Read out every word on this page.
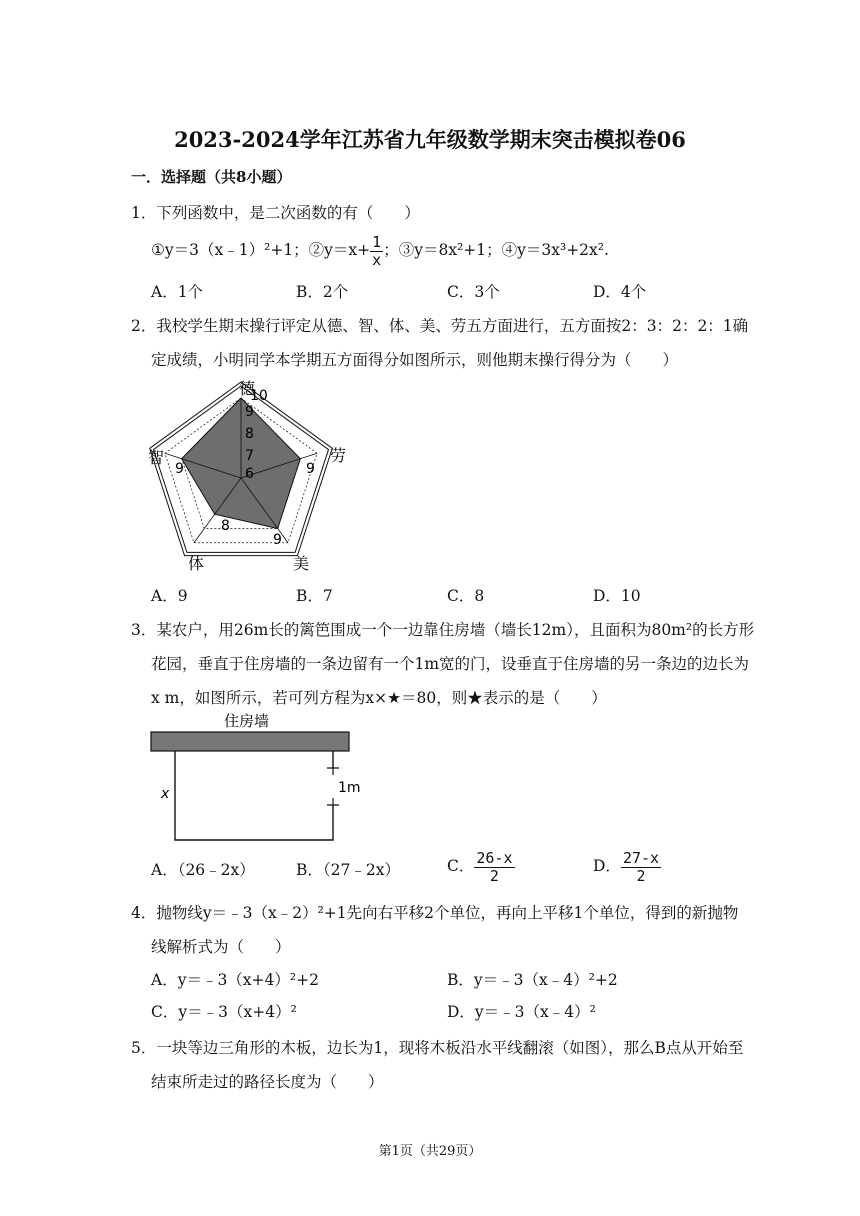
2023-2024学年江苏省九年级数学期末突击模拟卷06
一．选择题（共8小题）
1．下列函数中，是二次函数的有（　　）
①y＝3（x﹣1）²+1；②y＝x+ $\frac{1}{x}$ ；③y＝8x²+1；④y＝3x³+2x².
A．1个	B．2个	C．3个	D．4个
2．我校学生期末操行评定从德、智、体、美、劳五方面进行，五方面按2：3：2：2：1确
定成绩，小明同学本学期五方面得分如图所示，则他期末操行得分为（　　）
德
智	劳
体	美
10
9
8
7
6
9	9
8
9
A．9	B．7	C．8	D．10
3．某农户，用26m长的篱笆围成一个一边靠住房墙（墙长12m），且面积为80m²的长方形
花园，垂直于住房墙的一条边留有一个1m宽的门，设垂直于住房墙的另一条边的边长为
x m，如图所示，若可列方程为x×★＝80，则★表示的是（　　）
住房墙
x	1m
A．（26﹣2x）	B．（27﹣2x）	C． $\frac{26-x}{2}$	D． $\frac{27-x}{2}$
4．抛物线y＝﹣3（x﹣2）²+1先向右平移2个单位，再向上平移1个单位，得到的新抛物
线解析式为（　　）
A．y＝﹣3（x+4）²+2	B．y＝﹣3（x﹣4）²+2
C．y＝﹣3（x+4）²	D．y＝﹣3（x﹣4）²
5．一块等边三角形的木板，边长为1，现将木板沿水平线翻滚（如图），那么B点从开始至
结束所走过的路径长度为（　　）
第1页（共29页）
